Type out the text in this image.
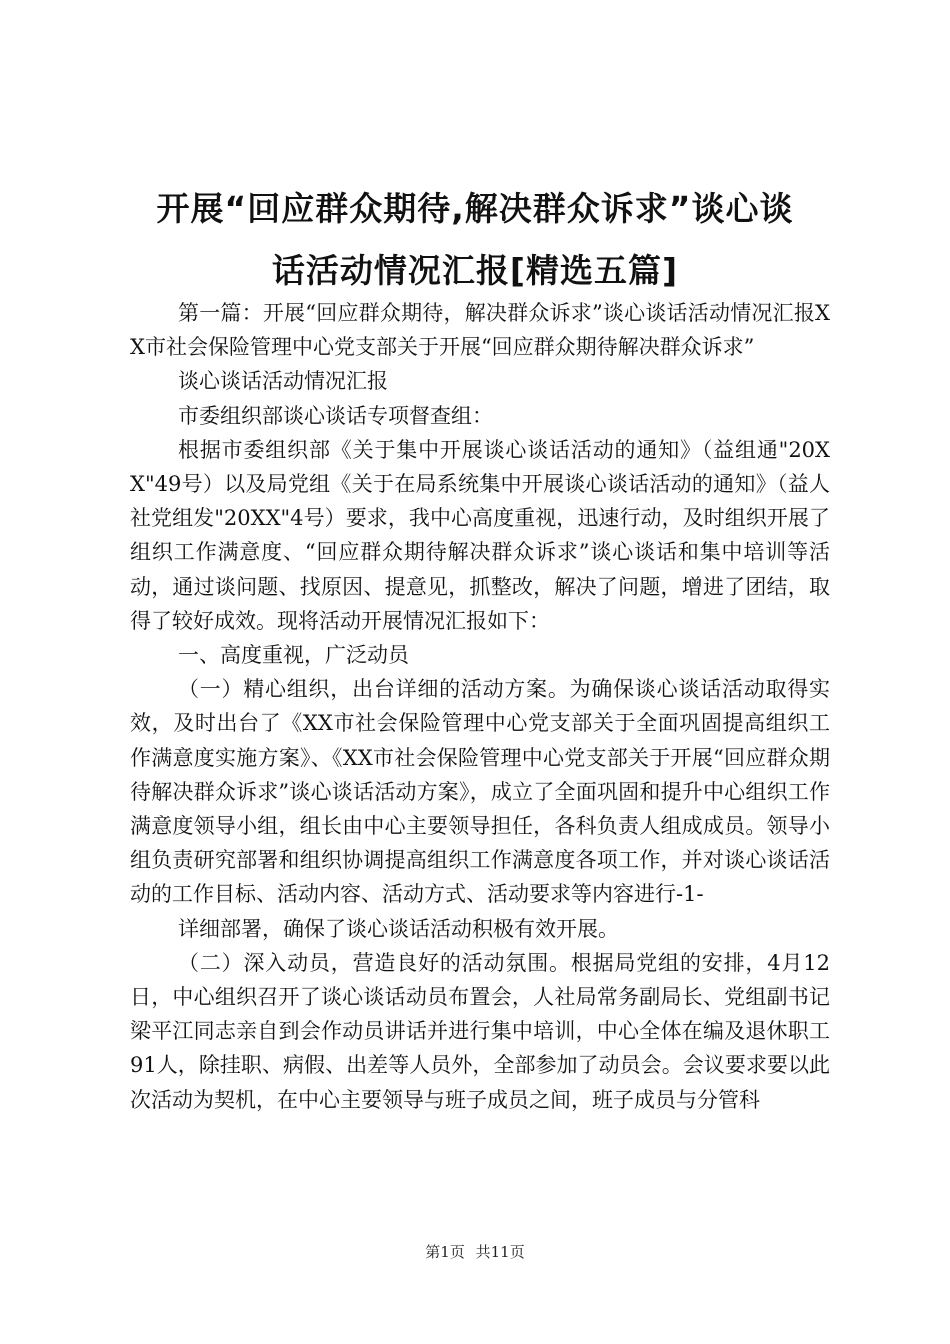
开展“回应群众期待,解决群众诉求”谈心谈
话活动情况汇报[精选五篇]

第一篇：开展“回应群众期待，解决群众诉求”谈心谈话活动情况汇报XX市社会保险管理中心党支部关于开展“回应群众期待解决群众诉求”

谈心谈话活动情况汇报

市委组织部谈心谈话专项督查组：

根据市委组织部《关于集中开展谈心谈话活动的通知》（益组通"20XX"49号）以及局党组《关于在局系统集中开展谈心谈话活动的通知》（益人社党组发"20XX"4号）要求，我中心高度重视，迅速行动，及时组织开展了组织工作满意度、“回应群众期待解决群众诉求”谈心谈话和集中培训等活动，通过谈问题、找原因、提意见，抓整改，解决了问题，增进了团结，取得了较好成效。现将活动开展情况汇报如下：

一、高度重视，广泛动员

（一）精心组织，出台详细的活动方案。为确保谈心谈话活动取得实效，及时出台了《XX市社会保险管理中心党支部关于全面巩固提高组织工作满意度实施方案》、《XX市社会保险管理中心党支部关于开展“回应群众期待解决群众诉求”谈心谈话活动方案》，成立了全面巩固和提升中心组织工作满意度领导小组，组长由中心主要领导担任，各科负责人组成成员。领导小组负责研究部署和组织协调提高组织工作满意度各项工作，并对谈心谈话活动的工作目标、活动内容、活动方式、活动要求等内容进行-1-

详细部署，确保了谈心谈话活动积极有效开展。

（二）深入动员，营造良好的活动氛围。根据局党组的安排，4月12日，中心组织召开了谈心谈话动员布置会，人社局常务副局长、党组副书记梁平江同志亲自到会作动员讲话并进行集中培训，中心全体在编及退休职工91人，除挂职、病假、出差等人员外，全部参加了动员会。会议要求要以此次活动为契机，在中心主要领导与班子成员之间，班子成员与分管科

第1页 共11页
